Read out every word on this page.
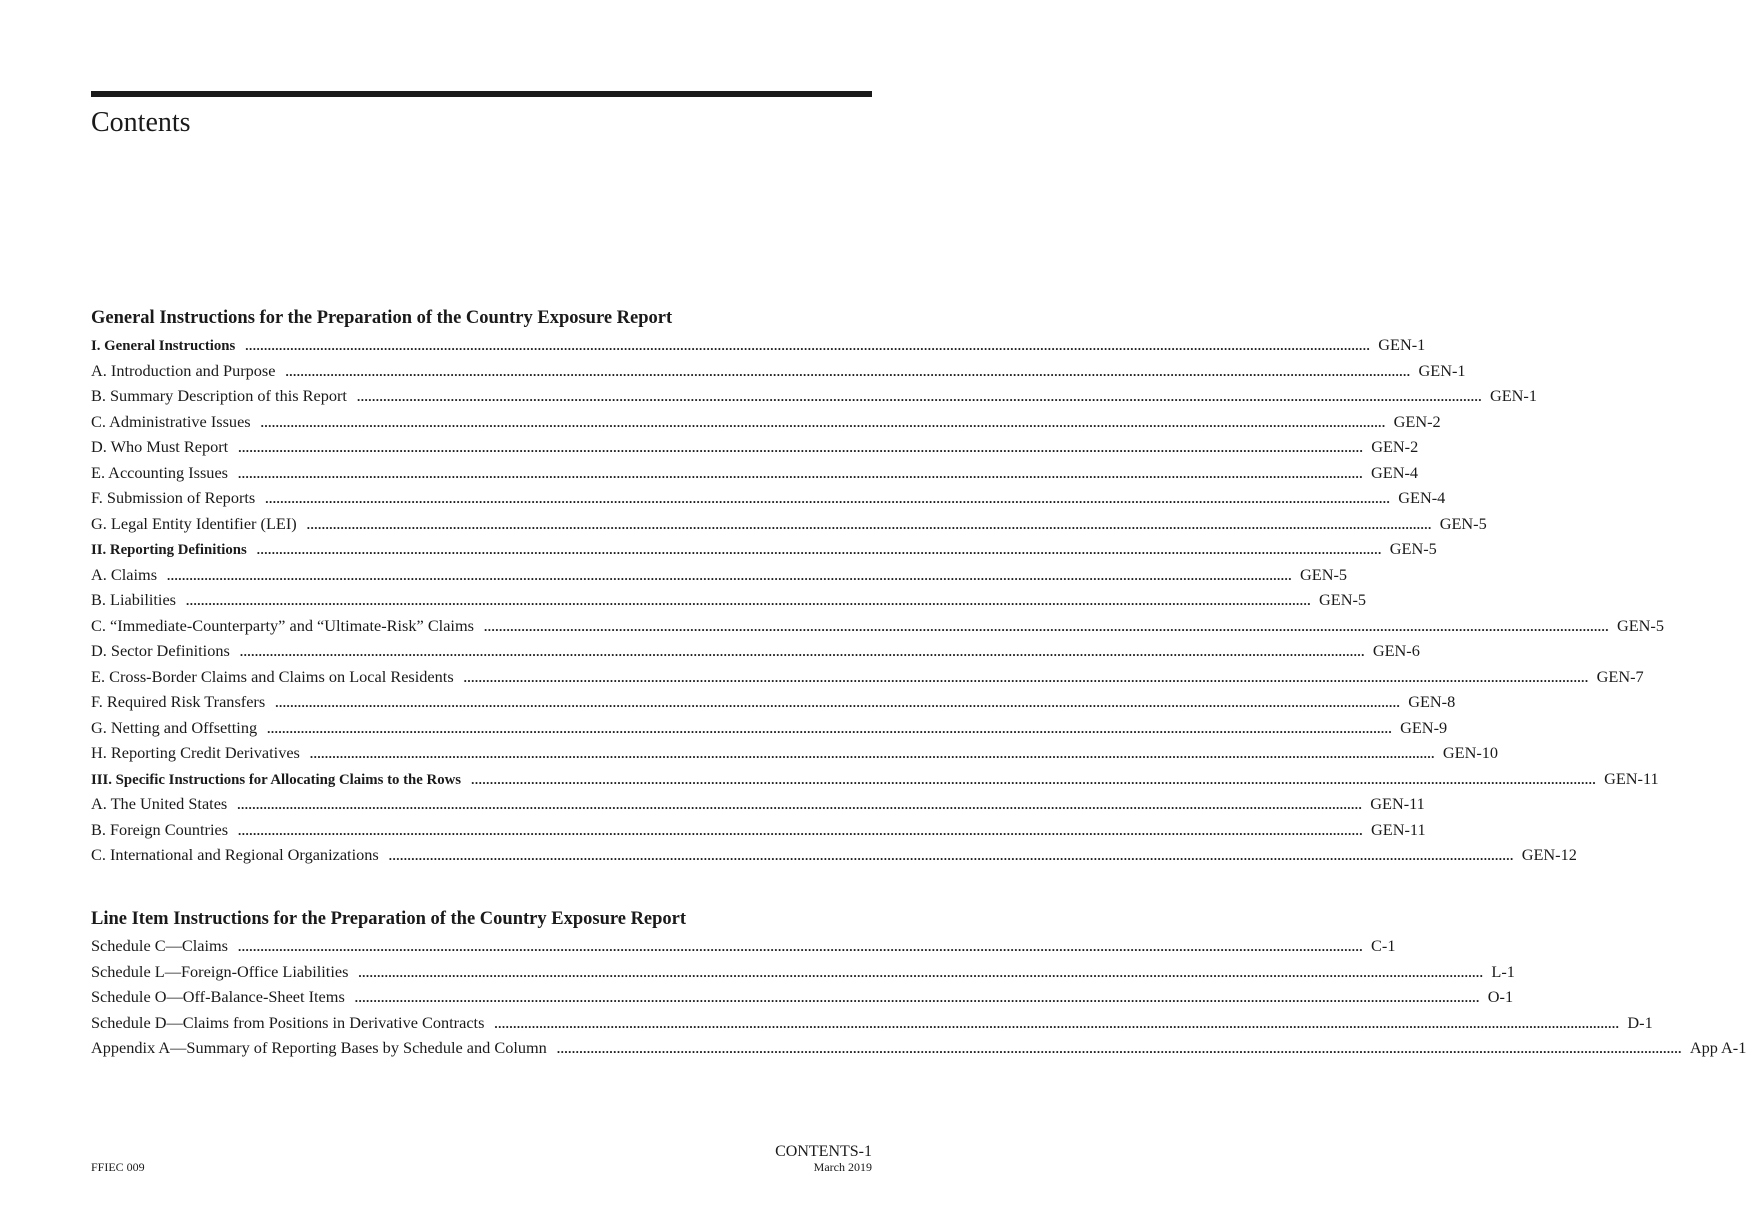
Contents
General Instructions for the Preparation of the Country Exposure Report
I. General Instructions ............................................................................................................................................................................................................................................................................................................ GEN-1
A. Introduction and Purpose ............................................................................................................................................................................................................................................................................................................ GEN-1
B. Summary Description of this Report ............................................................................................................................................................................................................................................................................................................ GEN-1
C. Administrative Issues ............................................................................................................................................................................................................................................................................................................ GEN-2
D. Who Must Report ............................................................................................................................................................................................................................................................................................................ GEN-2
E. Accounting Issues ............................................................................................................................................................................................................................................................................................................ GEN-4
F. Submission of Reports ............................................................................................................................................................................................................................................................................................................ GEN-4
G. Legal Entity Identifier (LEI) ............................................................................................................................................................................................................................................................................................................ GEN-5
II. Reporting Definitions ............................................................................................................................................................................................................................................................................................................ GEN-5
A. Claims ............................................................................................................................................................................................................................................................................................................ GEN-5
B. Liabilities ............................................................................................................................................................................................................................................................................................................ GEN-5
C. “Immediate-Counterparty” and “Ultimate-Risk” Claims ............................................................................................................................................................................................................................................................................................................ GEN-5
D. Sector Definitions ............................................................................................................................................................................................................................................................................................................ GEN-6
E. Cross-Border Claims and Claims on Local Residents ............................................................................................................................................................................................................................................................................................................ GEN-7
F. Required Risk Transfers ............................................................................................................................................................................................................................................................................................................ GEN-8
G. Netting and Offsetting ............................................................................................................................................................................................................................................................................................................ GEN-9
H. Reporting Credit Derivatives ............................................................................................................................................................................................................................................................................................................ GEN-10
III. Specific Instructions for Allocating Claims to the Rows ............................................................................................................................................................................................................................................................................................................ GEN-11
A. The United States ............................................................................................................................................................................................................................................................................................................ GEN-11
B. Foreign Countries ............................................................................................................................................................................................................................................................................................................ GEN-11
C. International and Regional Organizations ............................................................................................................................................................................................................................................................................................................ GEN-12
Line Item Instructions for the Preparation of the Country Exposure Report
Schedule C—Claims ............................................................................................................................................................................................................................................................................................................ C-1
Schedule L—Foreign-Office Liabilities ............................................................................................................................................................................................................................................................................................................ L-1
Schedule O—Off-Balance-Sheet Items ............................................................................................................................................................................................................................................................................................................ O-1
Schedule D—Claims from Positions in Derivative Contracts ............................................................................................................................................................................................................................................................................................................ D-1
Appendix A—Summary of Reporting Bases by Schedule and Column ............................................................................................................................................................................................................................................................................................................ App A-1
FFIEC 009
CONTENTS-1
March 2019
